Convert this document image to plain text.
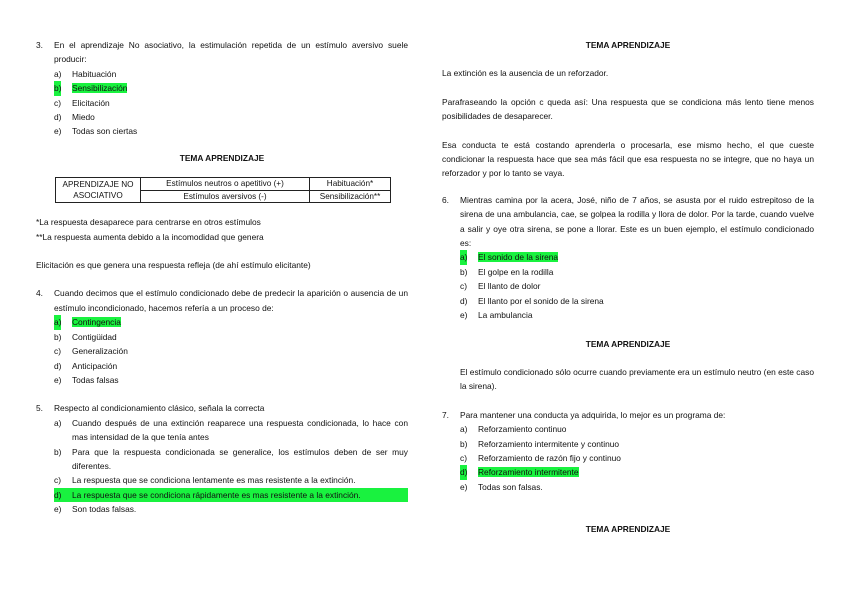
3. En el aprendizaje No asociativo, la estimulación repetida de un estímulo aversivo suele producir:

a) Habituación
b) Sensibilización
c) Elicitación
d) Miedo
e) Todas son ciertas

TEMA APRENDIZAJE

APRENDIZAJE NO ASOCIATIVO	Estímulos neutros o apetitivo (+)	Habituación*
	Estímulos aversivos (-)	Sensibilización**

*La respuesta desaparece para centrarse en otros estímulos

**La respuesta aumenta debido a la incomodidad que genera

Elicitación es que genera una respuesta refleja (de ahí estímulo elicitante)

4. Cuando decimos que el estímulo condicionado debe de predecir la aparición o ausencia de un estímulo incondicionado, hacemos refería a un proceso de:

a) Contingencia
b) Contigüidad
c) Generalización
d) Anticipación
e) Todas falsas
5. Respecto al condicionamiento clásico, señala la correcta

a) Cuando después de una extinción reaparece una respuesta condicionada, lo hace con mas intensidad de la que tenía antes
b) Para que la respuesta condicionada se generalice, los estímulos deben de ser muy diferentes.
c) La respuesta que se condiciona lentamente es mas resistente a la extinción.
d) La respuesta que se condiciona rápidamente es mas resistente a la extinción.
e) Son todas falsas.

TEMA APRENDIZAJE

La extinción es la ausencia de un reforzador.

Parafraseando la opción c queda así: Una respuesta que se condiciona más lento tiene menos posibilidades de desaparecer.

Esa conducta te está costando aprenderla o procesarla, ese mismo hecho, el que cueste condicionar la respuesta hace que sea más fácil que esa respuesta no se integre, que no haya un reforzador y por lo tanto se vaya.

6. Mientras camina por la acera, José, niño de 7 años, se asusta por el ruido estrepitoso de la sirena de una ambulancia, cae, se golpea la rodilla y llora de dolor. Por la tarde, cuando vuelve a salir y oye otra sirena, se pone a llorar. Este es un buen ejemplo, el estímulo condicionado es:

a) El sonido de la sirena
b) El golpe en la rodilla
c) El llanto de dolor
d) El llanto por el sonido de la sirena
e) La ambulancia

TEMA APRENDIZAJE

El estímulo condicionado sólo ocurre cuando previamente era un estímulo neutro (en este caso la sirena).

7. Para mantener una conducta ya adquirida, lo mejor es un programa de:

a) Reforzamiento continuo
b) Reforzamiento intermitente y continuo
c) Reforzamiento de razón fijo y continuo
d) Reforzamiento intermitente
e) Todas son falsas.

TEMA APRENDIZAJE
